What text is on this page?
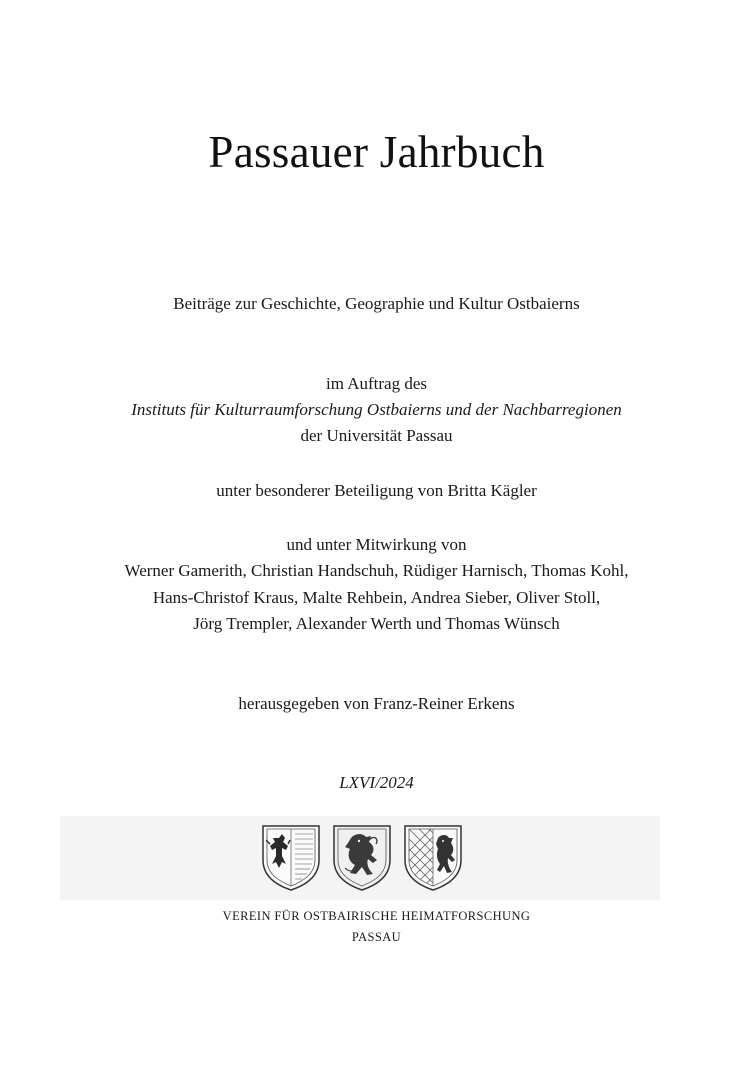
Passauer Jahrbuch
Beiträge zur Geschichte, Geographie und Kultur Ostbaierns
im Auftrag des
Instituts für Kulturraumforschung Ostbaierns und der Nachbarregionen
der Universität Passau
unter besonderer Beteiligung von Britta Kägler
und unter Mitwirkung von
Werner Gamerith, Christian Handschuh, Rüdiger Harnisch, Thomas Kohl,
Hans-Christof Kraus, Malte Rehbein, Andrea Sieber, Oliver Stoll,
Jörg Trempler, Alexander Werth und Thomas Wünsch
herausgegeben von Franz-Reiner Erkens
LXVI/2024
VEREIN FÜR OSTBAIRISCHE HEIMATFORSCHUNG
PASSAU
